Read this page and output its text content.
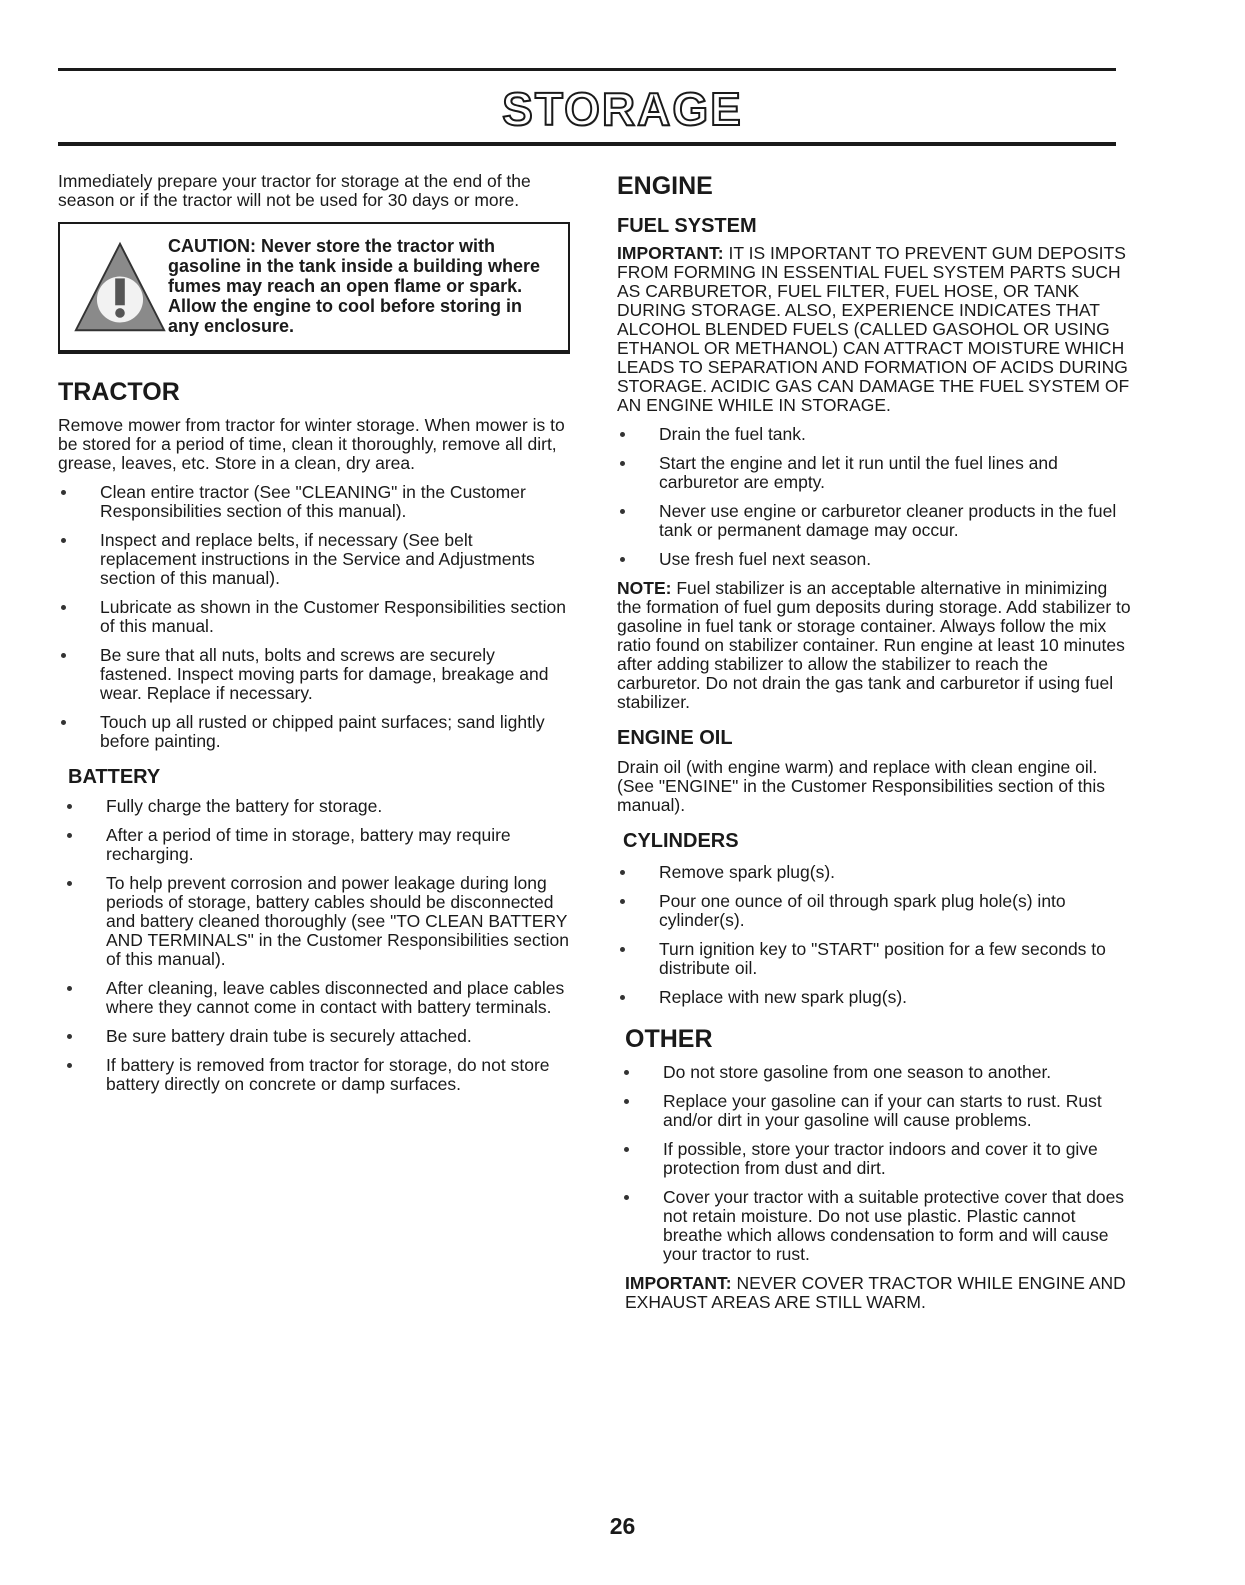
STORAGE

Immediately prepare your tractor for storage at the end of the season or if the tractor will not be used for 30 days or more.

CAUTION: Never store the tractor with gasoline in the tank inside a building where fumes may reach an open flame or spark. Allow the engine to cool before storing in any enclosure.
TRACTOR

Remove mower from tractor for winter storage. When mower is to be stored for a period of time, clean it thoroughly, remove all dirt, grease, leaves, etc. Store in a clean, dry area.

Clean entire tractor (See "CLEANING" in the Customer Responsibilities section of this manual).
Inspect and replace belts, if necessary (See belt replacement instructions in the Service and Adjustments section of this manual).
Lubricate as shown in the Customer Responsibilities section of this manual.
Be sure that all nuts, bolts and screws are securely fastened. Inspect moving parts for damage, breakage and wear. Replace if necessary.
Touch up all rusted or chipped paint surfaces; sand lightly before painting.
BATTERY
Fully charge the battery for storage.
After a period of time in storage, battery may require recharging.
To help prevent corrosion and power leakage during long periods of storage, battery cables should be disconnected and battery cleaned thoroughly (see "TO CLEAN BATTERY AND TERMINALS" in the Customer Responsibilities section of this manual).
After cleaning, leave cables disconnected and place cables where they cannot come in contact with battery terminals.
Be sure battery drain tube is securely attached.
If battery is removed from tractor for storage, do not store battery directly on concrete or damp surfaces.
ENGINE
FUEL SYSTEM

IMPORTANT: IT IS IMPORTANT TO PREVENT GUM DEPOSITS FROM FORMING IN ESSENTIAL FUEL SYSTEM PARTS SUCH AS CARBURETOR, FUEL FILTER, FUEL HOSE, OR TANK DURING STORAGE. ALSO, EXPERIENCE INDICATES THAT ALCOHOL BLENDED FUELS (CALLED GASOHOL OR USING ETHANOL OR METHANOL) CAN ATTRACT MOISTURE WHICH LEADS TO SEPARATION AND FORMATION OF ACIDS DURING STORAGE. ACIDIC GAS CAN DAMAGE THE FUEL SYSTEM OF AN ENGINE WHILE IN STORAGE.

Drain the fuel tank.
Start the engine and let it run until the fuel lines and carburetor are empty.
Never use engine or carburetor cleaner products in the fuel tank or permanent damage may occur.
Use fresh fuel next season.

NOTE: Fuel stabilizer is an acceptable alternative in minimizing the formation of fuel gum deposits during storage. Add stabilizer to gasoline in fuel tank or storage container. Always follow the mix ratio found on stabilizer container. Run engine at least 10 minutes after adding stabilizer to allow the stabilizer to reach the carburetor. Do not drain the gas tank and carburetor if using fuel stabilizer.

ENGINE OIL

Drain oil (with engine warm) and replace with clean engine oil. (See "ENGINE" in the Customer Responsibilities section of this manual).

CYLINDERS
Remove spark plug(s).
Pour one ounce of oil through spark plug hole(s) into cylinder(s).
Turn ignition key to "START" position for a few seconds to distribute oil.
Replace with new spark plug(s).
OTHER
Do not store gasoline from one season to another.
Replace your gasoline can if your can starts to rust. Rust and/or dirt in your gasoline will cause problems.
If possible, store your tractor indoors and cover it to give protection from dust and dirt.
Cover your tractor with a suitable protective cover that does not retain moisture. Do not use plastic. Plastic cannot breathe which allows condensation to form and will cause your tractor to rust.

IMPORTANT: NEVER COVER TRACTOR WHILE ENGINE AND EXHAUST AREAS ARE STILL WARM.

26
